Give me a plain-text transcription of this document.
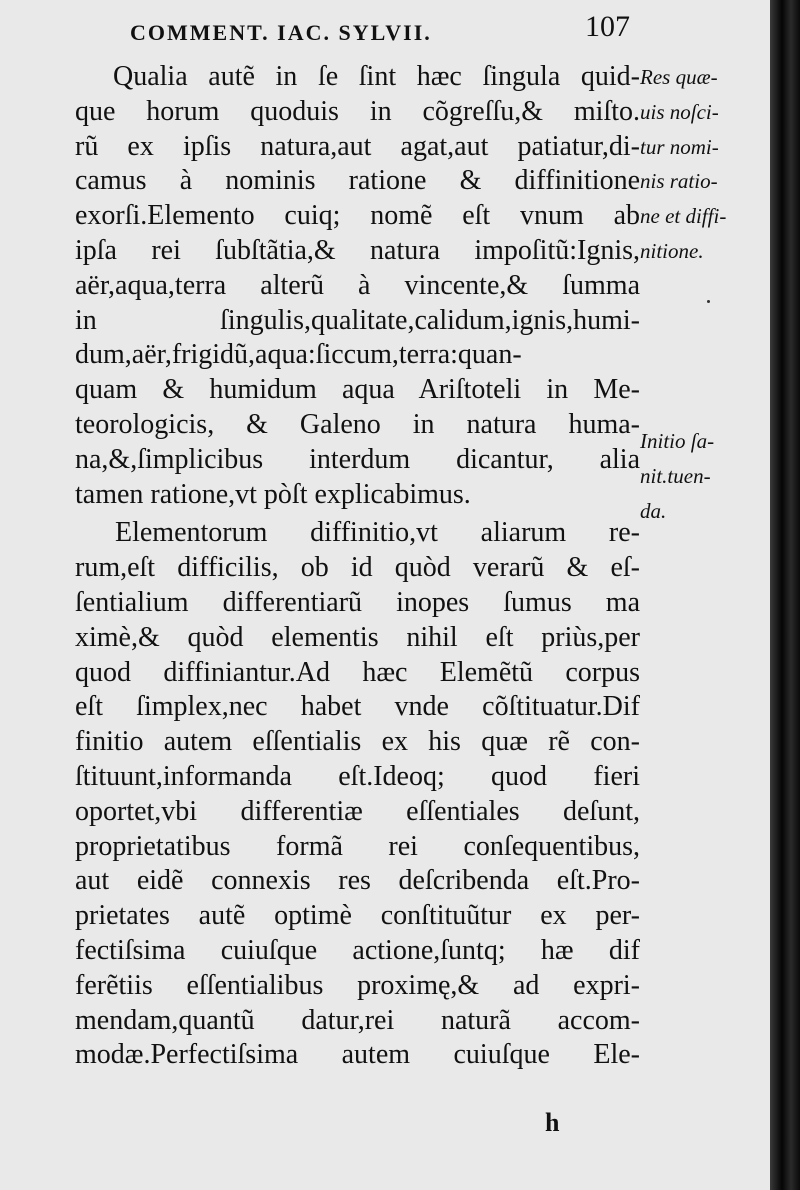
COMMENT. IAC. SYLVII.	107
Qualia autẽ in ſe ſint hæc ſingula quid-
que horum quoduis in cõgreſſu,& miſto.
rũ ex ipſis natura,aut agat,aut patiatur,di-
camus à nominis ratione & diffinitione
exorſi.Elemento cuiq; nomẽ eſt vnum ab
ipſa rei ſubſtãtia,& natura impoſitũ:Ignis,
aër,aqua,terra alterũ à vincente,& ſumma
in ſingulis,qualitate,calidum,ignis,humi-
dum,aër,frigidũ,aqua:ſiccum,terra:quan-
quam & humidum aqua Ariſtoteli in Me-
teorologicis, & Galeno in natura huma-
na,&,ſimplicibus interdum dicantur, alia
tamen ratione,vt pòſt explicabimus.
Elementorum diffinitio,vt aliarum re-
rum,eſt difficilis, ob id quòd verarũ & eſ-
ſentialium differentiarũ inopes ſumus ma
ximè,& quòd elementis nihil eſt priùs,per
quod diffiniantur.Ad hæc Elemẽtũ corpus
eſt ſimplex,nec habet vnde cõſtituatur.Dif
finitio autem eſſentialis ex his quæ rẽ con-
ſtituunt,informanda eſt.Ideoq; quod fieri
oportet,vbi differentiæ eſſentiales deſunt,
proprietatibus formã rei conſequentibus,
aut eidẽ connexis res deſcribenda eſt.Pro-
prietates autẽ optimè conſtituũtur ex per-
fectiſsima cuiuſque actione,ſuntq; hæ dif
ferẽtiis eſſentialibus proximę,& ad expri-
mendam,quantũ datur,rei naturã accom-
modæ.Perfectiſsima autem cuiuſque Ele-
Res quæ-
uis noſci-
tur nomi-
nis ratio-
ne et diffi-
nitione.
Initio ſa-
nit.tuen-
da.
h
